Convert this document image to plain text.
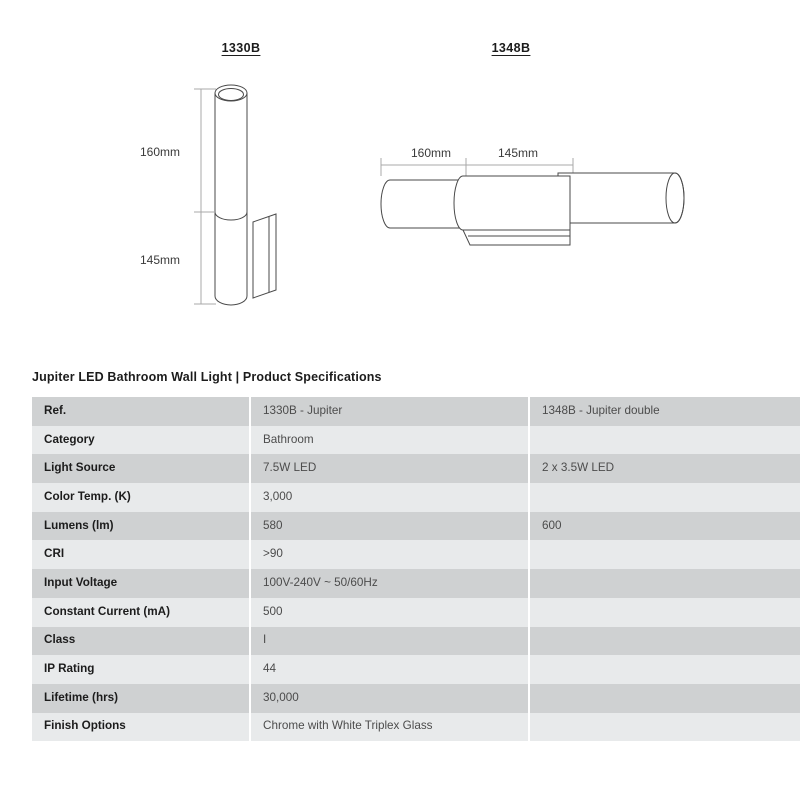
1330B	1348B
160mm
145mm
160mm	145mm
Jupiter LED Bathroom Wall Light | Product Specifications
Ref.	1330B - Jupiter	1348B - Jupiter double
Category	Bathroom	
Light Source	7.5W LED	2 x 3.5W LED
Color Temp. (K)	3,000	
Lumens (lm)	580	600
CRI	>90	
Input Voltage	100V-240V ~ 50/60Hz	
Constant Current (mA)	500	
Class	I	
IP Rating	44	
Lifetime (hrs)	30,000	
Finish Options	Chrome with White Triplex Glass	
